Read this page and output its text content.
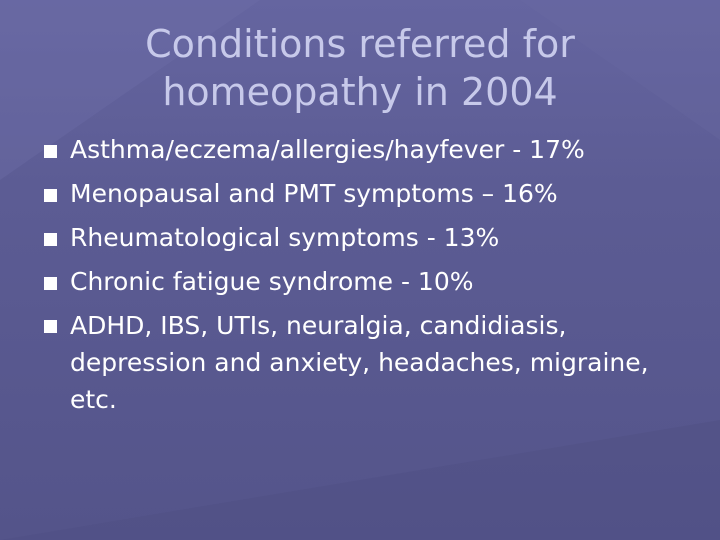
Conditions referred for
homeopathy in 2004
Asthma/eczema/allergies/hayfever - 17%
Menopausal and PMT symptoms – 16%
Rheumatological symptoms - 13%
Chronic fatigue syndrome - 10%
ADHD, IBS, UTIs, neuralgia, candidiasis, depression and anxiety, headaches, migraine, etc.
